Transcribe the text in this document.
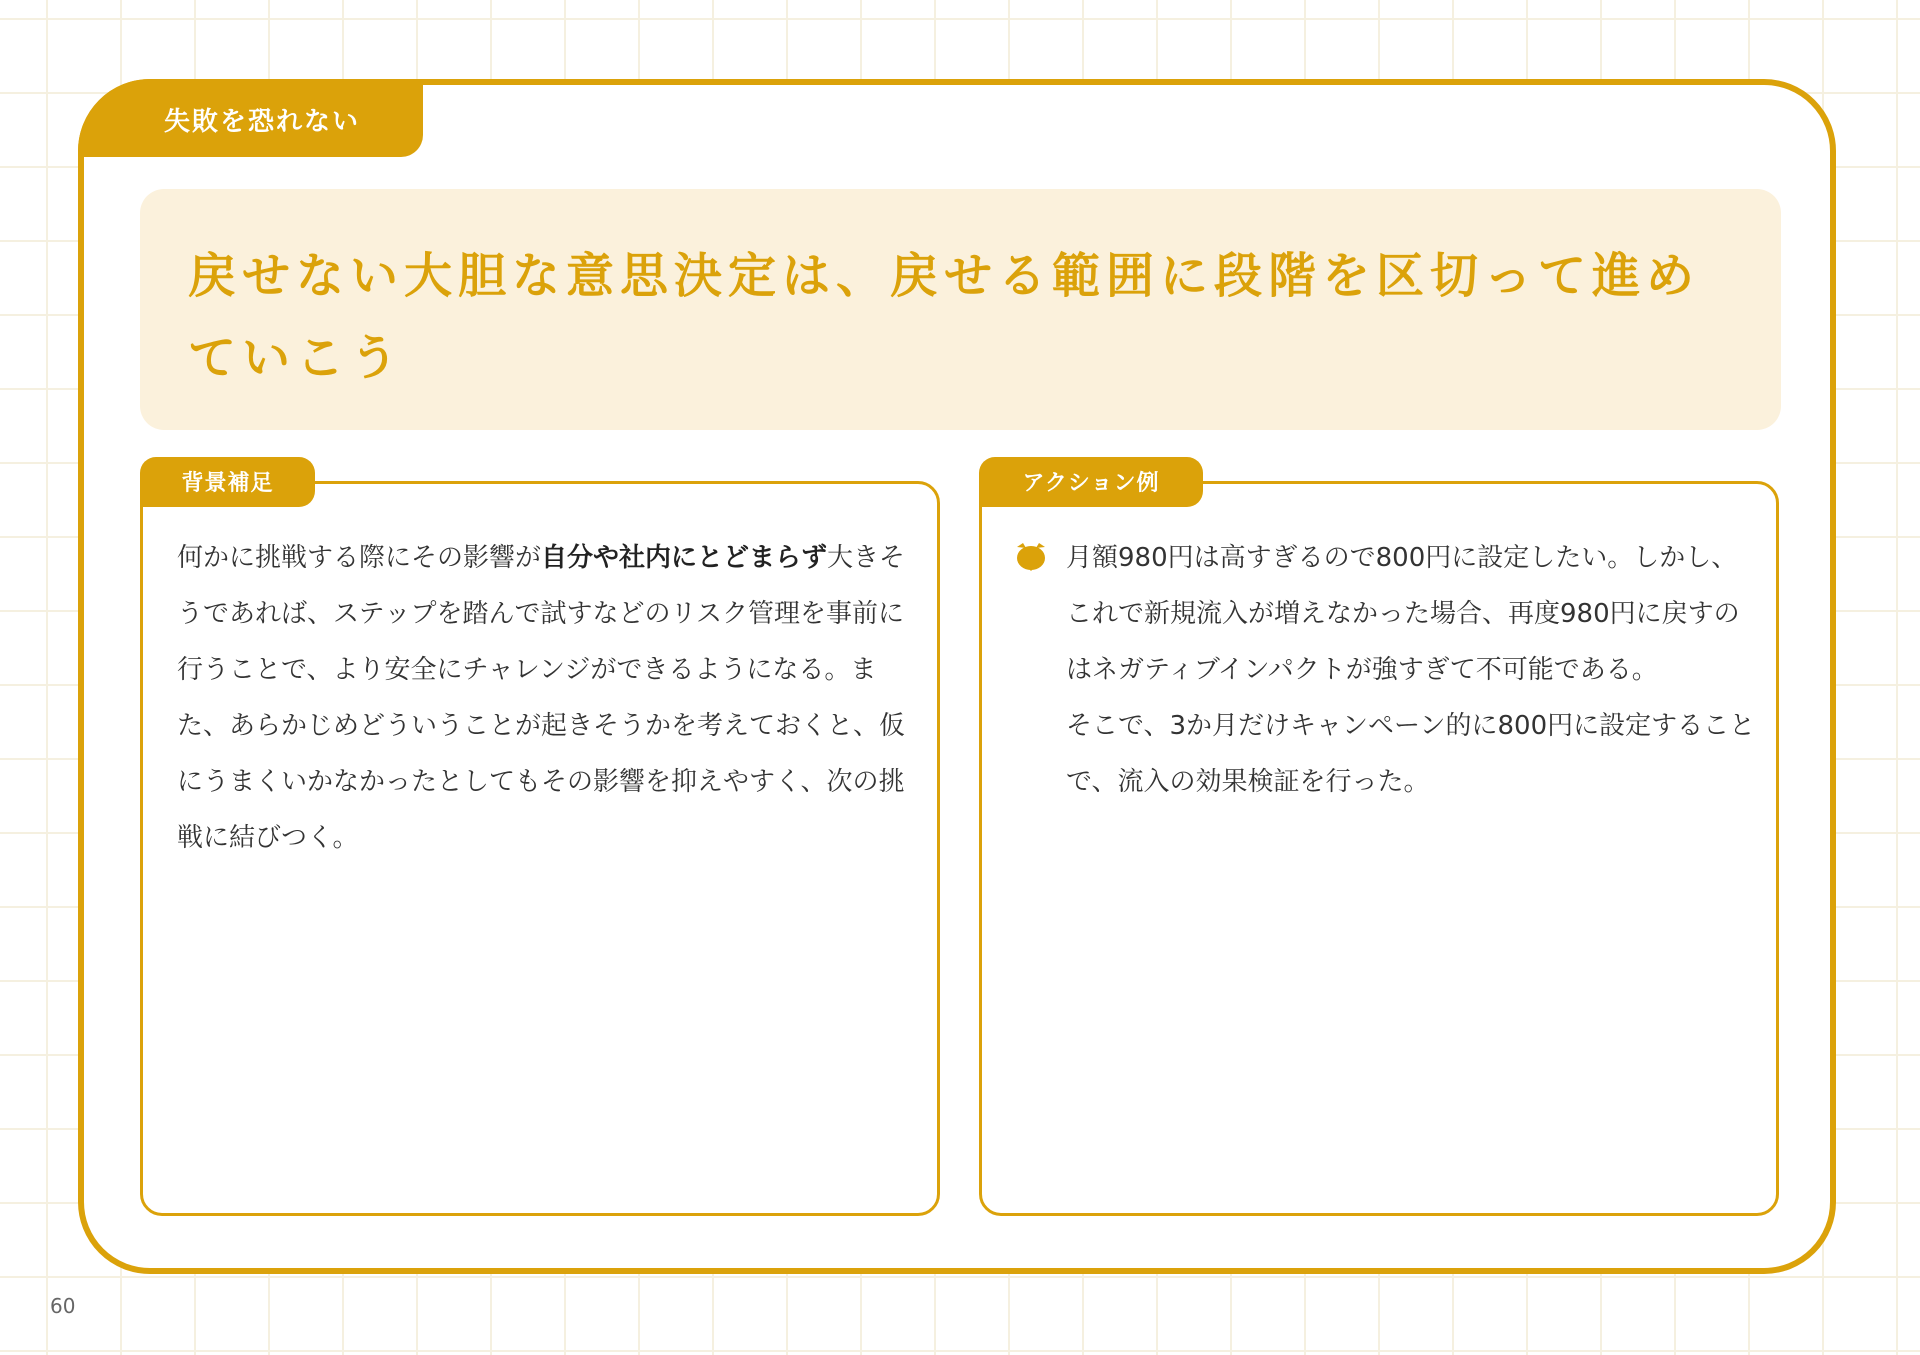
失敗を恐れない
戻せない大胆な意思決定は、戻せる範囲に段階を区切って進めていこう
背景補足

何かに挑戦する際にその影響が自分や社内にとどまらず大きそうであれば、ステップを踏んで試すなどのリスク管理を事前に行うことで、より安全にチャレンジができるようになる。また、あらかじめどういうことが起きそうかを考えておくと、仮にうまくいかなかったとしてもその影響を抑えやすく、次の挑戦に結びつく。

アクション例
月額980円は高すぎるので800円に設定したい。しかし、これで新規流入が増えなかった場合、再度980円に戻すのはネガティブインパクトが強すぎて不可能である。
そこで、3か月だけキャンペーン的に800円に設定することで、流入の効果検証を行った。
60
